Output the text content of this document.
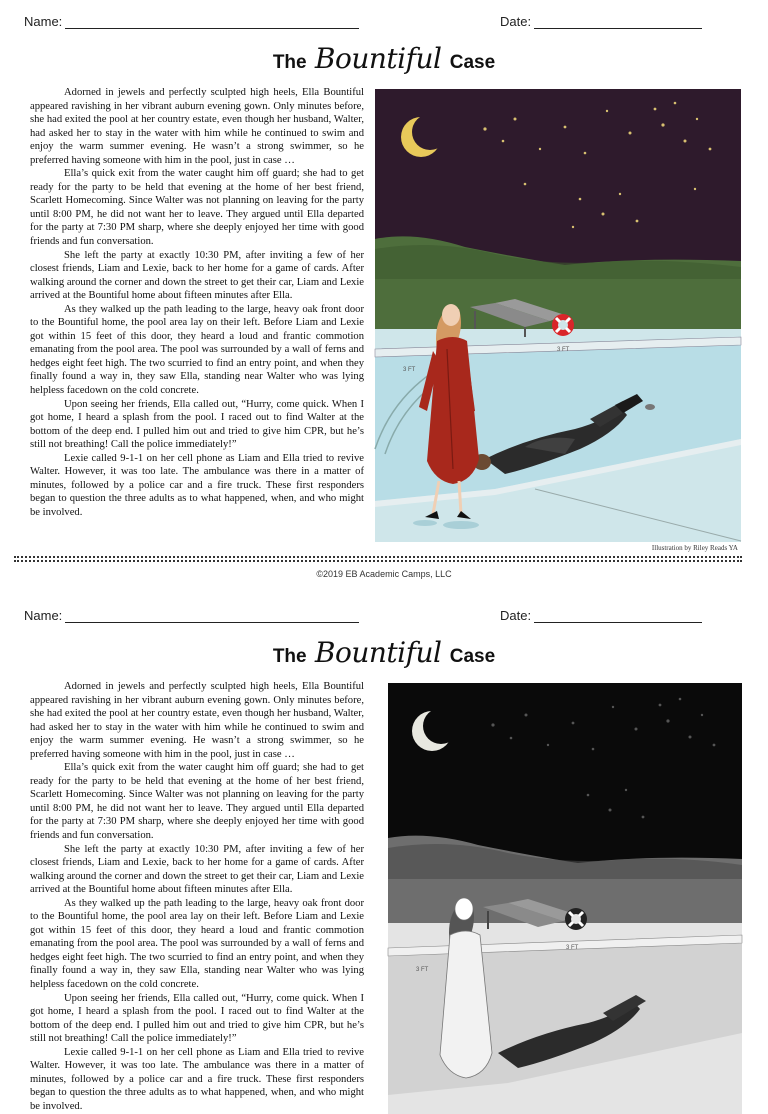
Name:	Date:
The Bountiful Case

Adorned in jewels and perfectly sculpted high heels, Ella Bountiful appeared ravishing in her vibrant auburn evening gown. Only minutes before, she had exited the pool at her country estate, even though her husband, Walter, had asked her to stay in the water with him while he continued to swim and enjoy the warm summer evening. He wasn’t a strong swimmer, so he preferred having someone with him in the pool, just in case …

Ella’s quick exit from the water caught him off guard; she had to get ready for the party to be held that evening at the home of her best friend, Scarlett Homecoming. Since Walter was not planning on leaving for the party until 8:00 PM, he did not want her to leave. They argued until Ella departed for the party at 7:30 PM sharp, where she deeply enjoyed her time with good friends and fun conversation.

She left the party at exactly 10:30 PM, after inviting a few of her closest friends, Liam and Lexie, back to her home for a game of cards. After walking around the corner and down the street to get their car, Liam and Lexie arrived at the Bountiful home about fifteen minutes after Ella.

As they walked up the path leading to the large, heavy oak front door to the Bountiful home, the pool area lay on their left. Before Liam and Lexie got within 15 feet of this door, they heard a loud and frantic commotion emanating from the pool area. The pool was surrounded by a wall of ferns and hedges eight feet high. The two scurried to find an entry point, and when they finally found a way in, they saw Ella, standing near Walter who was lying helpless facedown on the cold concrete.

Upon seeing her friends, Ella called out, “Hurry, come quick. When I got home, I heard a splash from the pool. I raced out to find Walter at the bottom of the deep end. I pulled him out and tried to give him CPR, but he’s still not breathing! Call the police immediately!”

Lexie called 9-1-1 on her cell phone as Liam and Ella tried to revive Walter. However, it was too late. The ambulance was there in a matter of minutes, followed by a police car and a fire truck. These first responders began to question the three adults as to what happened, when, and who might be involved.

3 FT
3 FT
Illustration by Riley Reads YA
©2019 EB Academic Camps, LLC
Name:	Date:
The Bountiful Case

Adorned in jewels and perfectly sculpted high heels, Ella Bountiful appeared ravishing in her vibrant auburn evening gown. Only minutes before, she had exited the pool at her country estate, even though her husband, Walter, had asked her to stay in the water with him while he continued to swim and enjoy the warm summer evening. He wasn’t a strong swimmer, so he preferred having someone with him in the pool, just in case …

Ella’s quick exit from the water caught him off guard; she had to get ready for the party to be held that evening at the home of her best friend, Scarlett Homecoming. Since Walter was not planning on leaving for the party until 8:00 PM, he did not want her to leave. They argued until Ella departed for the party at 7:30 PM sharp, where she deeply enjoyed her time with good friends and fun conversation.

She left the party at exactly 10:30 PM, after inviting a few of her closest friends, Liam and Lexie, back to her home for a game of cards. After walking around the corner and down the street to get their car, Liam and Lexie arrived at the Bountiful home about fifteen minutes after Ella.

As they walked up the path leading to the large, heavy oak front door to the Bountiful home, the pool area lay on their left. Before Liam and Lexie got within 15 feet of this door, they heard a loud and frantic commotion emanating from the pool area. The pool was surrounded by a wall of ferns and hedges eight feet high. The two scurried to find an entry point, and when they finally found a way in, they saw Ella, standing near Walter who was lying helpless facedown on the cold concrete.

Upon seeing her friends, Ella called out, “Hurry, come quick. When I got home, I heard a splash from the pool. I raced out to find Walter at the bottom of the deep end. I pulled him out and tried to give him CPR, but he’s still not breathing! Call the police immediately!”

Lexie called 9-1-1 on her cell phone as Liam and Ella tried to revive Walter. However, it was too late. The ambulance was there in a matter of minutes, followed by a police car and a fire truck. These first responders began to question the three adults as to what happened, when, and who might be involved.

3 FT
3 FT
